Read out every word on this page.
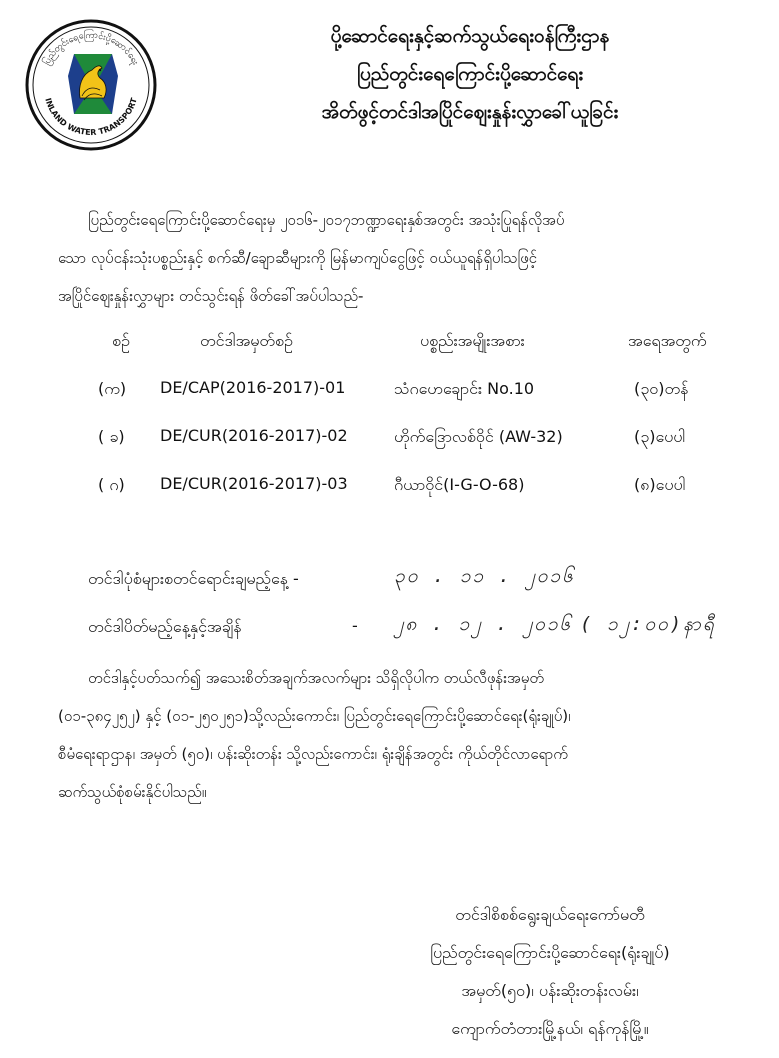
ပြည်တွင်းရေကြောင်းပို့ဆောင်ရေး
INLAND WATER TRANSPORT
ပို့ဆောင်ရေးနှင့်ဆက်သွယ်ရေးဝန်ကြီးဌာန
ပြည်တွင်းရေကြောင်းပို့ဆောင်ရေး
အိတ်ဖွင့်တင်ဒါအပြိုင်ဈေးနှုန်းလွှာခေါ်ယူခြင်း
ပြည်တွင်းရေကြောင်းပို့ဆောင်ရေးမှ ၂၀၁၆-၂၀၁၇ဘဏ္ဍာရေးနှစ်အတွင်း အသုံးပြုရန်လိုအပ်
သော လုပ်ငန်းသုံးပစ္စည်းနှင့် စက်ဆီ/ချောဆီများကို မြန်မာကျပ်ငွေဖြင့် ဝယ်ယူရန်ရှိပါသဖြင့်
အပြိုင်ဈေးနှုန်းလွှာများ တင်သွင်းရန် ဖိတ်ခေါ်အပ်ပါသည်-
စဥ်	တင်ဒါအမှတ်စဥ်	ပစ္စည်းအမျိုးအစား	အရေအတွက်
(က) DE/CAP(2016-2017)-01	သံဂဟေချောင်း No.10	(၃၀)တန်
( ခ) DE/CUR(2016-2017)-02	ဟိုက်ဒြောလစ်ဝိုင် (AW-32)	(၃)ပေပါ
( ဂ) DE/CUR(2016-2017)-03	ဂီယာဝိုင်(I-G-O-68)	(၈)ပေပါ
တင်ဒါပုံစံများစတင်ရောင်းချမည့်နေ့ -	၃၀ . ၁၁ . ၂၀၁၆
တင်ဒါပိတ်မည့်နေ့နှင့်အချိန်	- ၂၈ . ၁၂ . ၂၀၁၆ ( ၁၂:၀၀)နာရီ
တင်ဒါနှင့်ပတ်သက်၍ အသေးစိတ်အချက်အလက်များ သိရှိလိုပါက တယ်လီဖုန်းအမှတ်
(၀၁-၃၈၄၂၅၂) နှင့် (၀၁-၂၅၀၂၅၁)သို့လည်းကောင်း၊ ပြည်တွင်းရေကြောင်းပို့ဆောင်ရေး(ရုံးချုပ်)၊
စီမံရေးရာဌာန၊ အမှတ် (၅၀)၊ ပန်းဆိုးတန်း သို့လည်းကောင်း၊ ရုံးချိန်အတွင်း ကိုယ်တိုင်လာရောက်
ဆက်သွယ်စုံစမ်းနိုင်ပါသည်။
တင်ဒါစိစစ်ရွေးချယ်ရေးကော်မတီ
ပြည်တွင်းရေကြောင်းပို့ဆောင်ရေး(ရုံးချုပ်)
အမှတ်(၅၀)၊ ပန်းဆိုးတန်းလမ်း၊
ကျောက်တံတားမြို့နယ်၊ ရန်ကုန်မြို့။
